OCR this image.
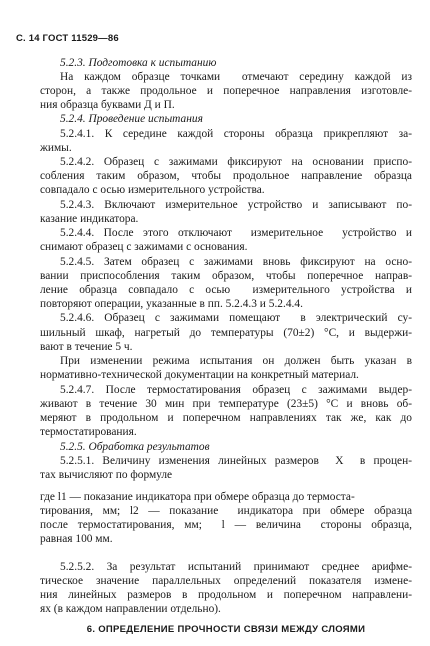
С. 14 ГОСТ 11529—86
5.2.3. Подготовка к испытанию
На каждом образце точками  отмечают середину каждой из
сторон, а также продольное и поперечное направления изготовле-
ния образца буквами Д и П.
5.2.4. Проведение испытания
5.2.4.1. К середине каждой стороны образца прикрепляют за-
жимы.
5.2.4.2. Образец с зажимами фиксируют на основании приспо-
собления таким образом, чтобы продольное направление образца
совпадало с осью измерительного устройства.
5.2.4.3. Включают измерительное устройство и записывают по-
казание индикатора.
5.2.4.4. После этого отключают  измерительное  устройство и
снимают образец с зажимами с основания.
5.2.4.5. Затем образец с зажимами вновь фиксируют на осно-
вании приспособления таким образом, чтобы поперечное направ-
ление образца совпадало с осью  измерительного устройства и
повторяют операции, указанные в пп. 5.2.4.3 и 5.2.4.4.
5.2.4.6. Образец с зажимами помещают  в электрический су-
шильный шкаф, нагретый до температуры (70±2) °С, и выдержи-
вают в течение 5 ч.
При изменении режима испытания он должен быть указан в
нормативно-технической документации на конкретный материал.
5.2.4.7. После термостатирования образец с зажимами выдер-
живают в течение 30 мин при температуре (23±5) °С и вновь об-
меряют в продольном и поперечном направлениях так же, как до
термостатирования.
5.2.5. Обработка результатов
5.2.5.1. Величину изменения линейных размеров  X  в процен-
тах вычисляют по формуле
где l1 — показание индикатора при обмере образца до термоста-
тирования, мм; l2 — показание  индикатора при обмере образца
после термостатирования, мм;  l — величина  стороны образца,
равная 100 мм.
5.2.5.2. За результат испытаний принимают среднее арифме-
тическое значение параллельных определений показателя измене-
ния линейных размеров в продольном и поперечном направлени-
ях (в каждом направлении отдельно).
6. ОПРЕДЕЛЕНИЕ ПРОЧНОСТИ СВЯЗИ МЕЖДУ СЛОЯМИ
